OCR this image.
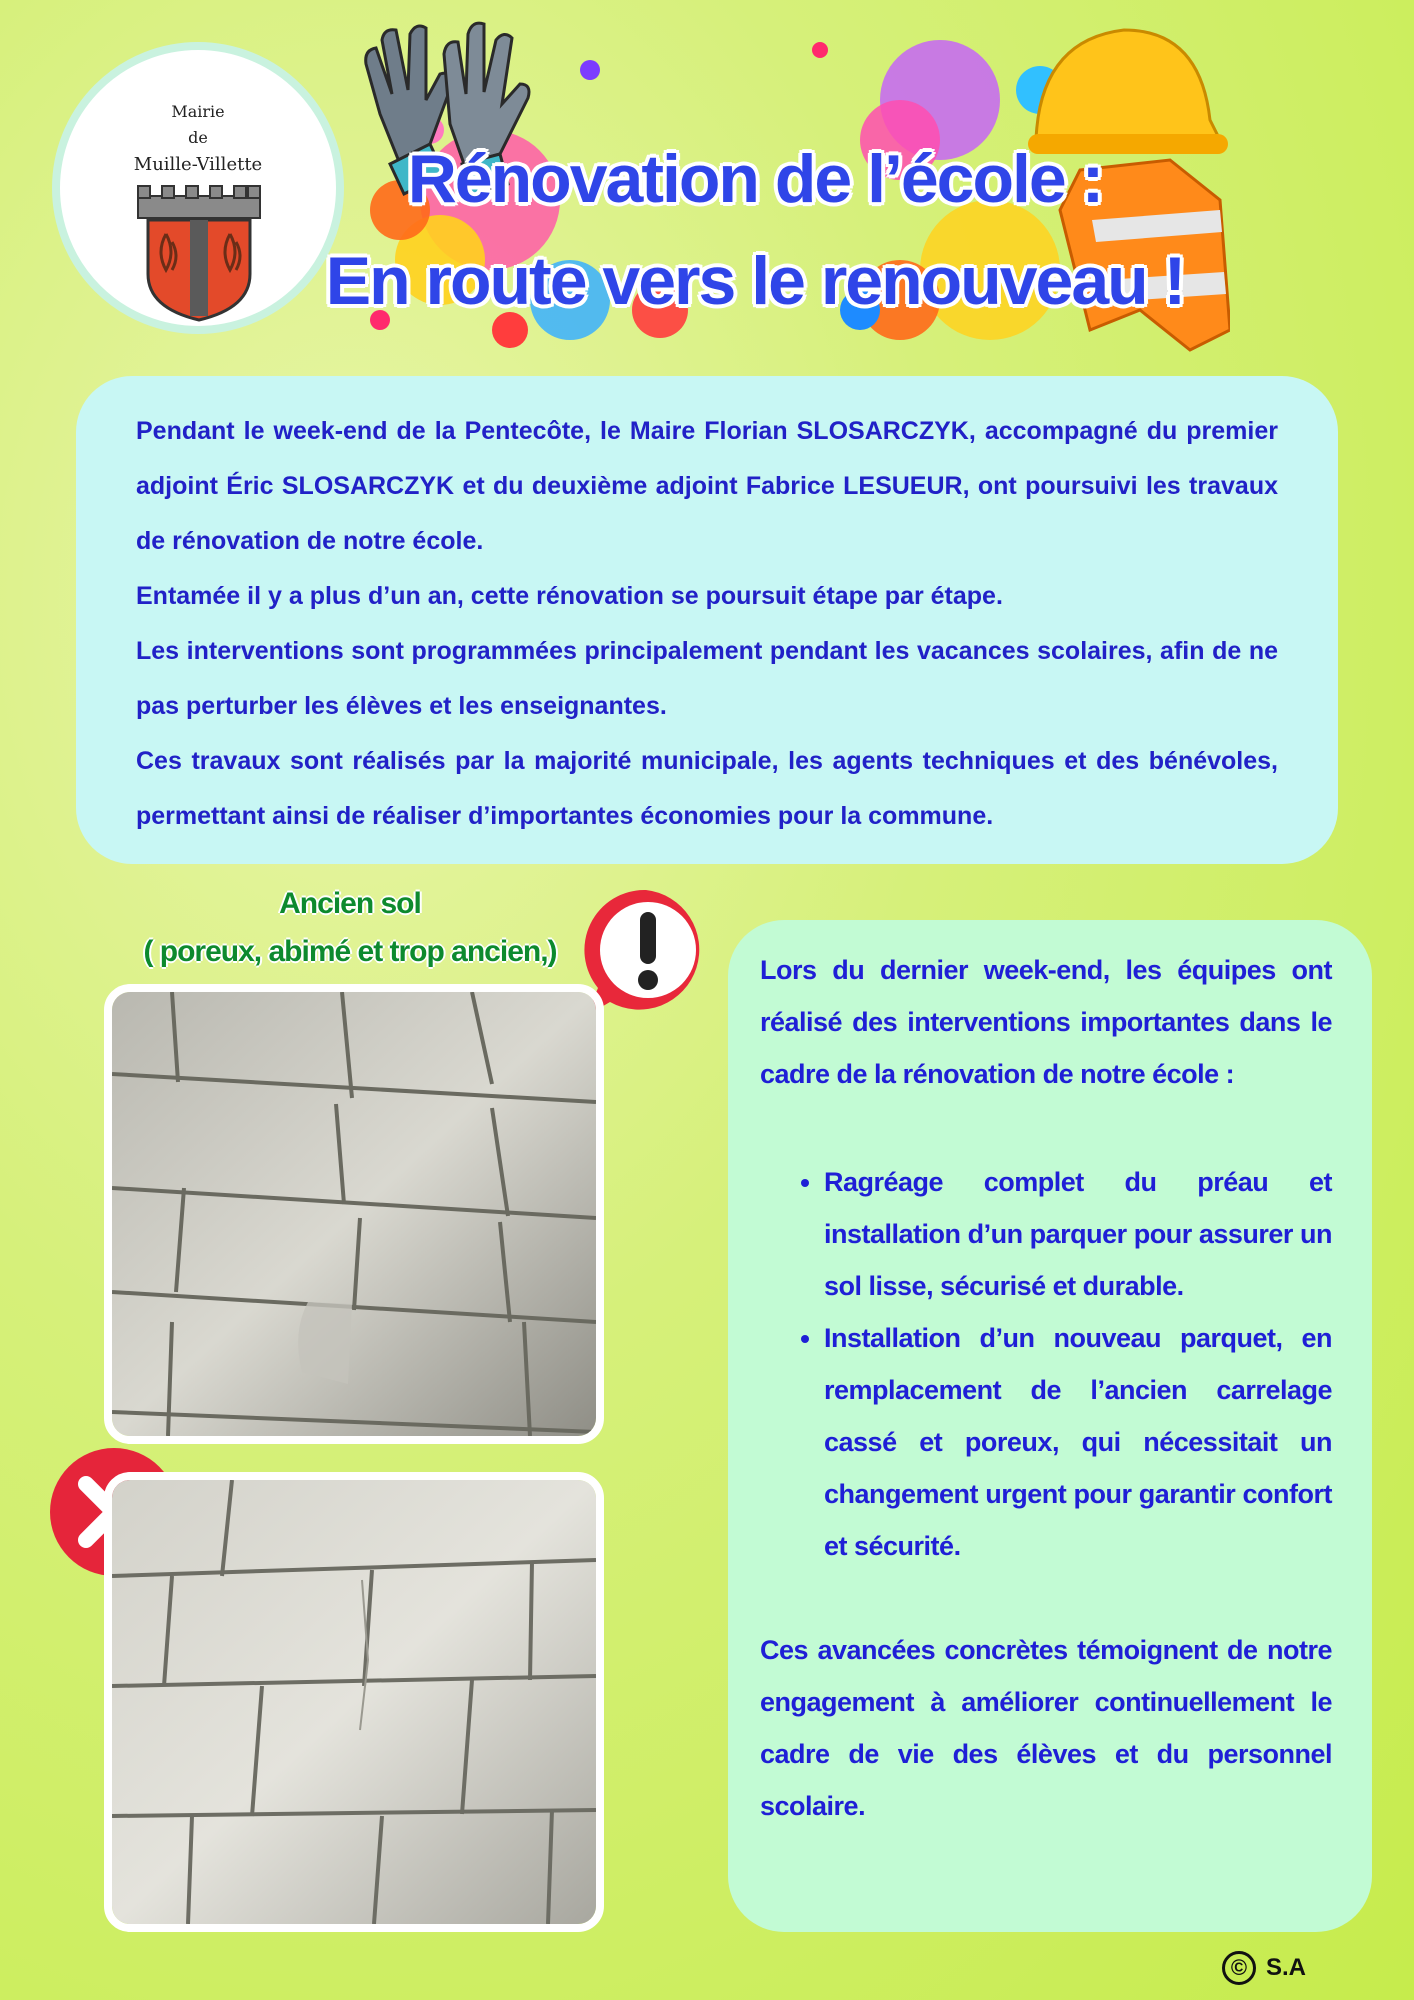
Mairie
de
Muille-Villette	Rénovation de l’école :
En route vers le renouveau !

Pendant le week-end de la Pentecôte, le Maire Florian SLOSARCZYK, accompagné du premier adjoint Éric SLOSARCZYK et du deuxième adjoint Fabrice LESUEUR, ont poursuivi les travaux de rénovation de notre école.

Entamée il y a plus d’un an, cette rénovation se poursuit étape par étape.

Les interventions sont programmées principalement pendant les vacances scolaires, afin de ne pas perturber les élèves et les enseignantes.

Ces travaux sont réalisés par la majorité municipale, les agents techniques et des bénévoles, permettant ainsi de réaliser d’importantes économies pour la commune.

Ancien sol
( poreux, abimé et trop ancien,)

Lors du dernier week-end, les équipes ont réalisé des interventions importantes dans le cadre de la rénovation de notre école :

• Ragréage complet du préau et installation d’un parquer pour assurer un sol lisse, sécurisé et durable.
• Installation d’un nouveau parquet, en remplacement de l’ancien carrelage cassé et poreux, qui nécessitait un changement urgent pour garantir confort et sécurité.

Ces avancées concrètes témoignent de notre engagement à améliorer continuellement le cadre de vie des élèves et du personnel scolaire.

© S.A
